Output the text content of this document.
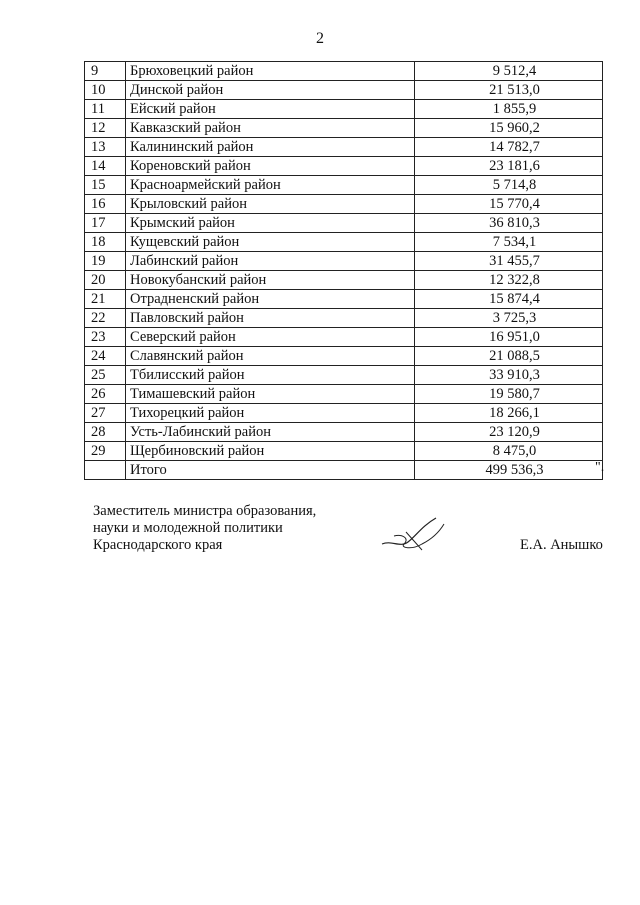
2
9	Брюховецкий район	9 512,4
10	Динской район	21 513,0
11	Ейский район	1 855,9
12	Кавказский район	15 960,2
13	Калининский район	14 782,7
14	Кореновский район	23 181,6
15	Красноармейский район	5 714,8
16	Крыловский район	15 770,4
17	Крымский район	36 810,3
18	Кущевский район	7 534,1
19	Лабинский район	31 455,7
20	Новокубанский район	12 322,8
21	Отрадненский район	15 874,4
22	Павловский район	3 725,3
23	Северский район	16 951,0
24	Славянский район	21 088,5
25	Тбилисский район	33 910,3
26	Тимашевский район	19 580,7
27	Тихорецкий район	18 266,1
28	Усть-Лабинский район	23 120,9
29	Щербиновский район	8 475,0
	Итого	499 536,3	".
Заместитель министра образования,
науки и молодежной политики
Краснодарского края	Е.А. Анышко
